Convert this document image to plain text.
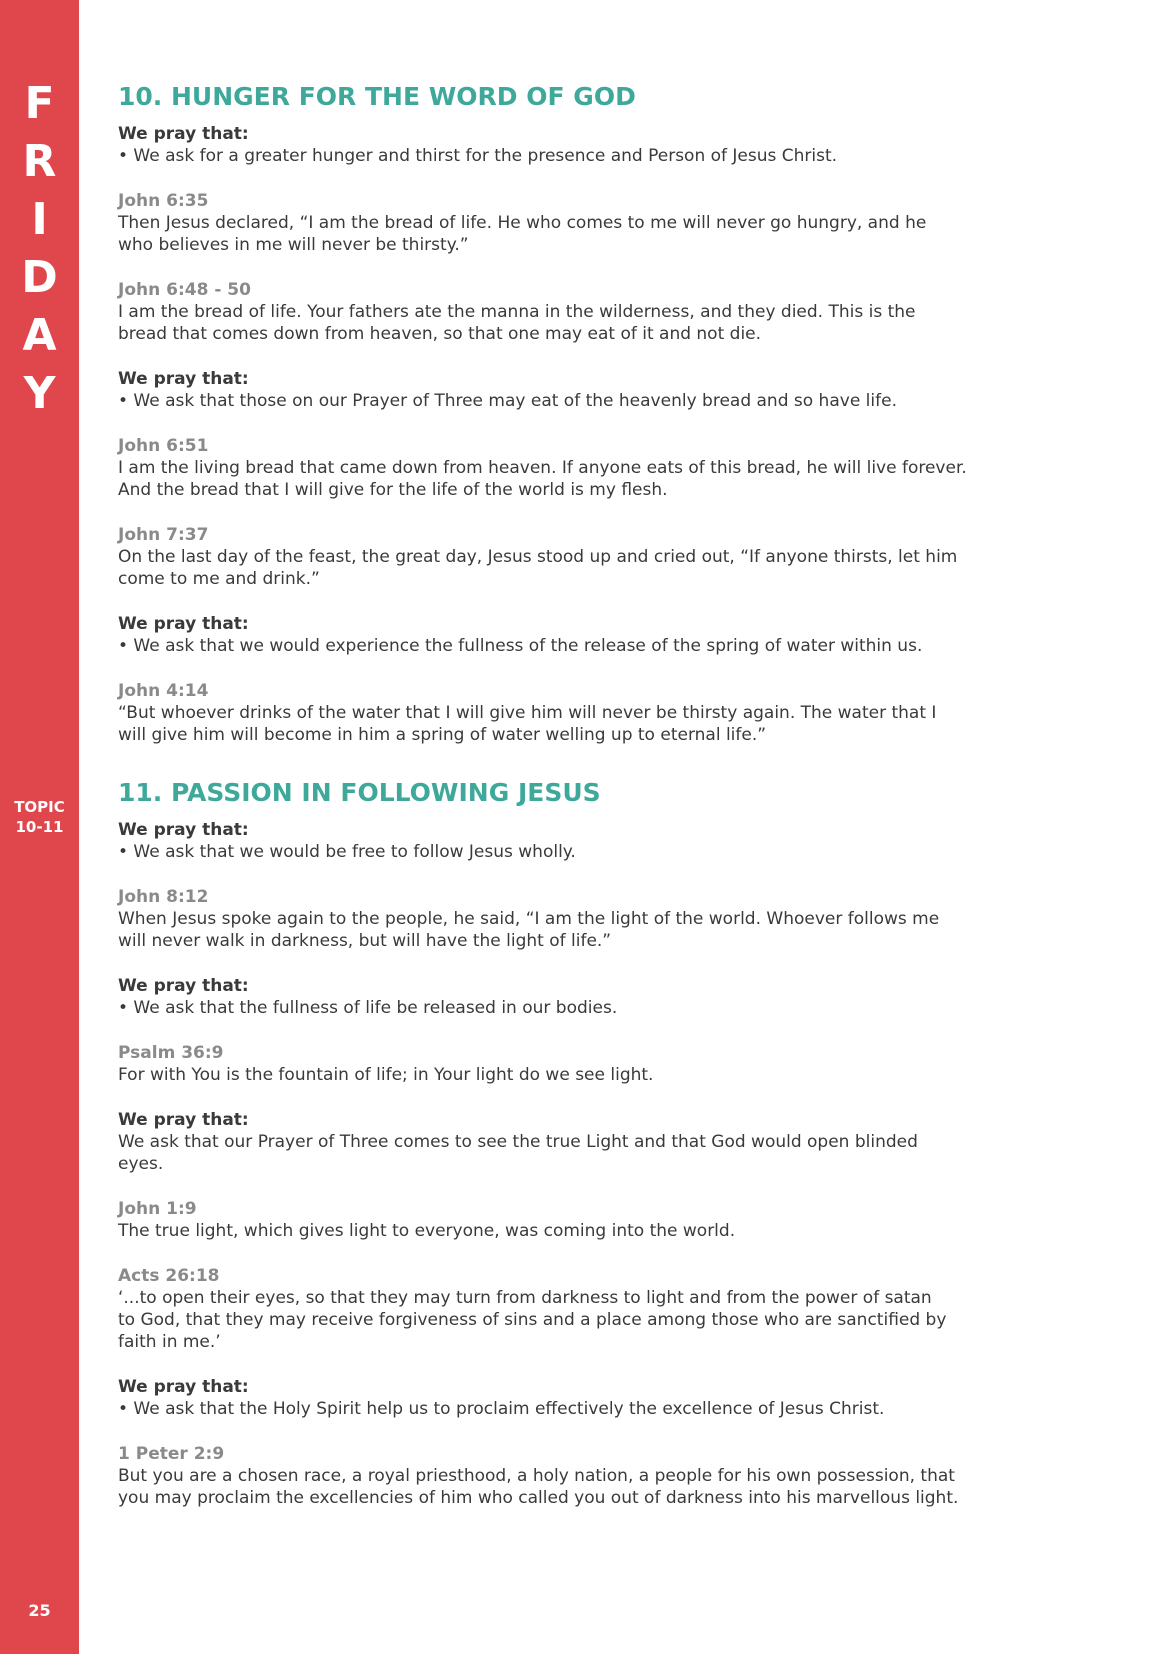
F
R
I
D
A
Y
TOPIC
10-11
25
10. HUNGER FOR THE WORD OF GOD
We pray that:
• We ask for a greater hunger and thirst for the presence and Person of Jesus Christ.
John 6:35
Then Jesus declared, “I am the bread of life. He who comes to me will never go hungry, and he
who believes in me will never be thirsty.”
John 6:48 - 50
I am the bread of life. Your fathers ate the manna in the wilderness, and they died. This is the
bread that comes down from heaven, so that one may eat of it and not die.
We pray that:
• We ask that those on our Prayer of Three may eat of the heavenly bread and so have life.
John 6:51
I am the living bread that came down from heaven. If anyone eats of this bread, he will live forever.
And the bread that I will give for the life of the world is my flesh.
John 7:37
On the last day of the feast, the great day, Jesus stood up and cried out, “If anyone thirsts, let him
come to me and drink.”
We pray that:
• We ask that we would experience the fullness of the release of the spring of water within us.
John 4:14
“But whoever drinks of the water that I will give him will never be thirsty again. The water that I
will give him will become in him a spring of water welling up to eternal life.”
11. PASSION IN FOLLOWING JESUS
We pray that:
• We ask that we would be free to follow Jesus wholly.
John 8:12
When Jesus spoke again to the people, he said, “I am the light of the world. Whoever follows me
will never walk in darkness, but will have the light of life.”
We pray that:
• We ask that the fullness of life be released in our bodies.
Psalm 36:9
For with You is the fountain of life; in Your light do we see light.
We pray that:
We ask that our Prayer of Three comes to see the true Light and that God would open blinded
eyes.
John 1:9
The true light, which gives light to everyone, was coming into the world.
Acts 26:18
‘...to open their eyes, so that they may turn from darkness to light and from the power of satan
to God, that they may receive forgiveness of sins and a place among those who are sanctified by
faith in me.’
We pray that:
• We ask that the Holy Spirit help us to proclaim effectively the excellence of Jesus Christ.
1 Peter 2:9
But you are a chosen race, a royal priesthood, a holy nation, a people for his own possession, that
you may proclaim the excellencies of him who called you out of darkness into his marvellous light.
